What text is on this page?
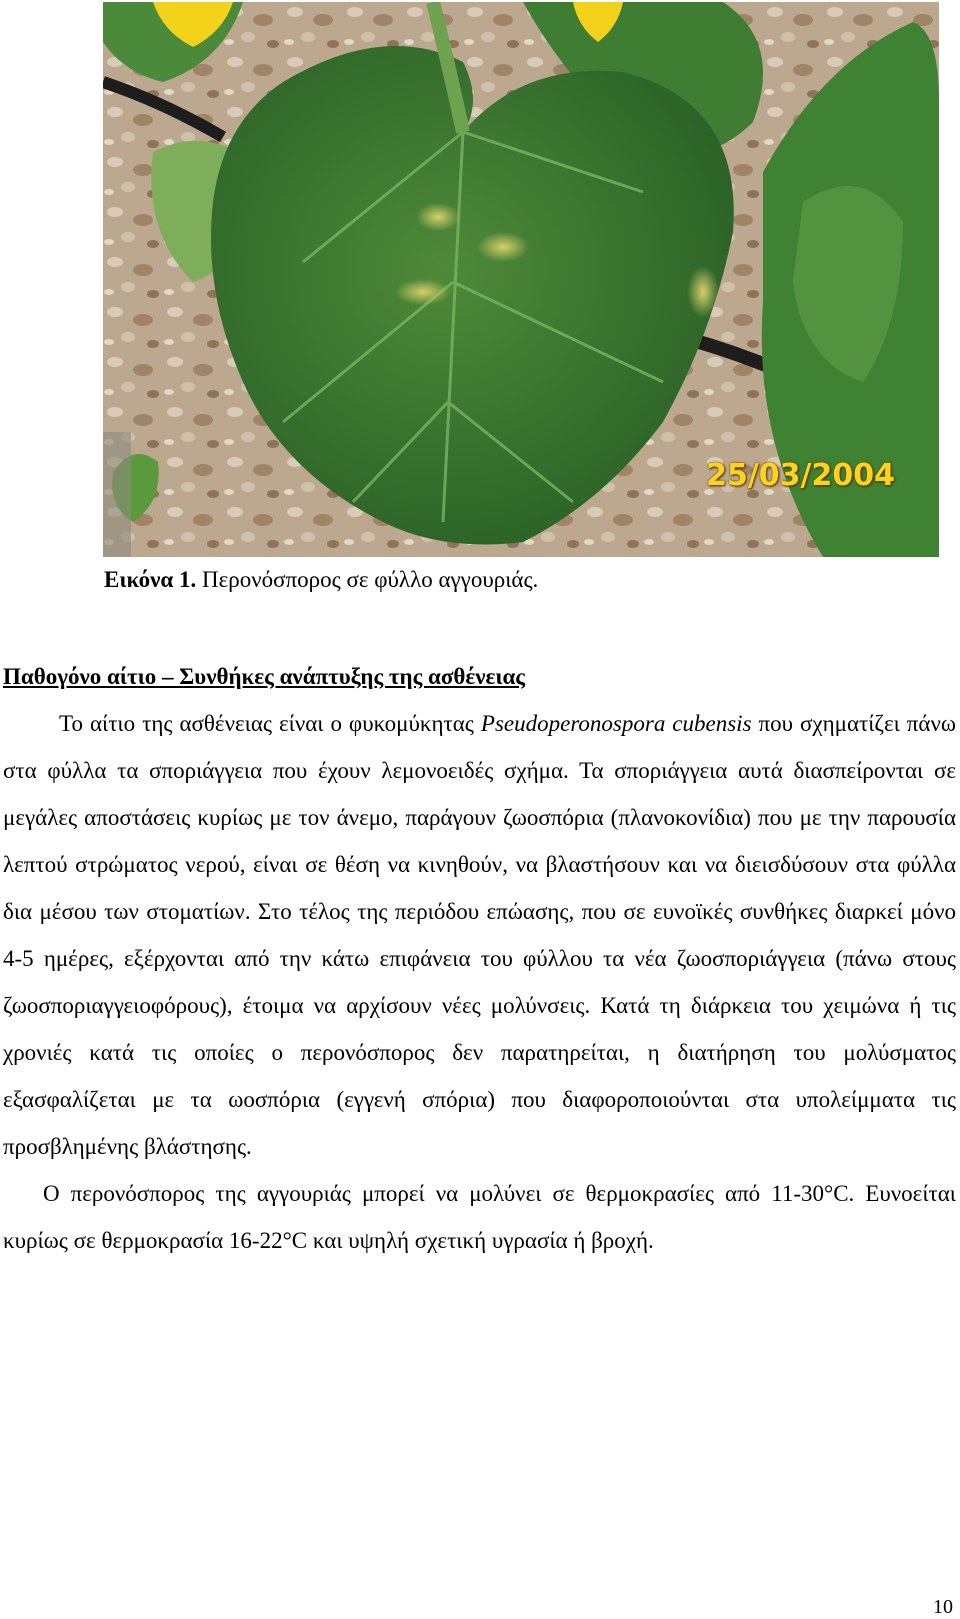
25/03/2004
Εικόνα 1. Περονόσπορος σε φύλλο αγγουριάς.
Παθογόνο αίτιο – Συνθήκες ανάπτυξης της ασθένειας

Το αίτιο της ασθένειας είναι ο φυκομύκητας Pseudoperonospora cubensis που σχηματίζει πάνω στα φύλλα τα σποριάγγεια που έχουν λεμονοειδές σχήμα. Τα σποριάγγεια αυτά διασπείρονται σε μεγάλες αποστάσεις κυρίως με τον άνεμο, παράγουν ζωοσπόρια (πλανοκονίδια) που με την παρουσία λεπτού στρώματος νερού, είναι σε θέση να κινηθούν, να βλαστήσουν και να διεισδύσουν στα φύλλα δια μέσου των στοματίων. Στο τέλος της περιόδου επώασης, που σε ευνοϊκές συνθήκες διαρκεί μόνο 4-5 ημέρες, εξέρχονται από την κάτω επιφάνεια του φύλλου τα νέα ζωοσποριάγγεια (πάνω στους ζωοσποριαγγειοφόρους), έτοιμα να αρχίσουν νέες μολύνσεις. Κατά τη διάρκεια του χειμώνα ή τις χρονιές κατά τις οποίες ο περονόσπορος δεν παρατηρείται, η διατήρηση του μολύσματος εξασφαλίζεται με τα ωοσπόρια (εγγενή σπόρια) που διαφοροποιούνται στα υπολείμματα τις προσβλημένης βλάστησης.

Ο περονόσπορος της αγγουριάς μπορεί να μολύνει σε θερμοκρασίες από 11-30°C. Ευνοείται κυρίως σε θερμοκρασία 16-22°C και υψηλή σχετική υγρασία ή βροχή.

10
